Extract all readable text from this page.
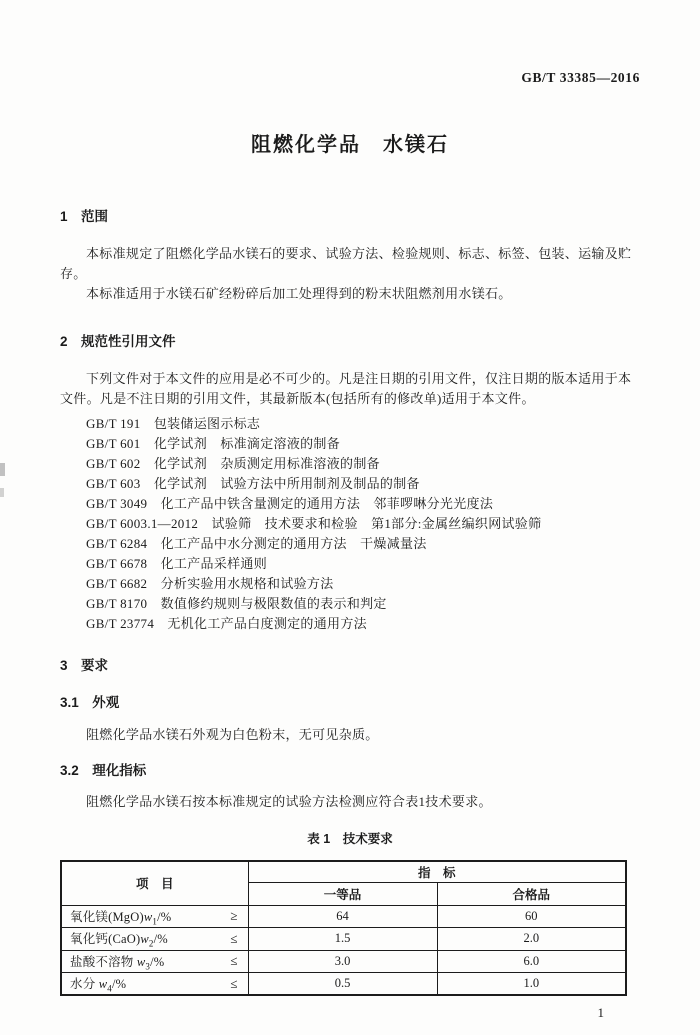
GB/T 33385—2016
阻燃化学品　水镁石
1　范围

本标准规定了阻燃化学品水镁石的要求、试验方法、检验规则、标志、标签、包装、运输及贮存。

本标准适用于水镁石矿经粉碎后加工处理得到的粉末状阻燃剂用水镁石。

2　规范性引用文件

下列文件对于本文件的应用是必不可少的。凡是注日期的引用文件，仅注日期的版本适用于本文件。凡是不注日期的引用文件，其最新版本(包括所有的修改单)适用于本文件。

GB/T 191　包装储运图示标志
GB/T 601　化学试剂　标准滴定溶液的制备
GB/T 602　化学试剂　杂质测定用标准溶液的制备
GB/T 603　化学试剂　试验方法中所用制剂及制品的制备
GB/T 3049　化工产品中铁含量测定的通用方法　邻菲啰啉分光光度法
GB/T 6003.1—2012　试验筛　技术要求和检验　第1部分:金属丝编织网试验筛
GB/T 6284　化工产品中水分测定的通用方法　干燥减量法
GB/T 6678　化工产品采样通则
GB/T 6682　分析实验用水规格和试验方法
GB/T 8170　数值修约规则与极限数值的表示和判定
GB/T 23774　无机化工产品白度测定的通用方法
3　要求
3.1　外观

阻燃化学品水镁石外观为白色粉末，无可见杂质。

3.2　理化指标

阻燃化学品水镁石按本标准规定的试验方法检测应符合表1技术要求。

表 1　技术要求
项　目	指　标	
	一等品	合格品

氧化镁$(MgO)w_1/\%$ ≥	64	60

氧化钙$(CaO)w_2/\%$ ≤	1.5	2.0

盐酸不溶物 $w_3/\%$ ≤	3.0	6.0

水分 $w_4/\%$ ≤	0.5	1.0
1
